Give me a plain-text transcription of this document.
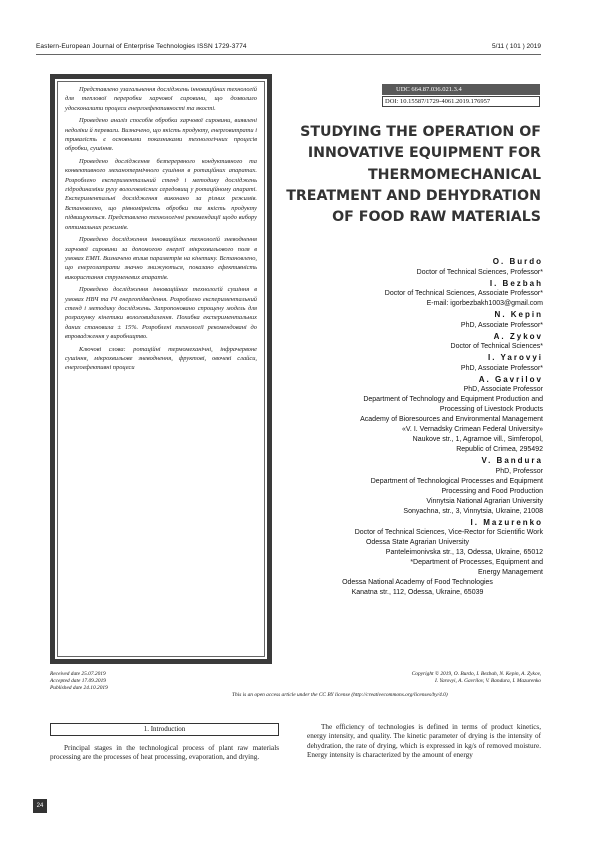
Eastern-European Journal of Enterprise Technologies ISSN 1729-3774	5/11 ( 101 ) 2019

Представлено узагальнення досліджень інноваційних технологій для теплової переробки харчової сировини, що дозволило удосконалити процеси енергоефективності та якості.

Проведено аналіз способів обробки харчової сировини, виявлені недоліки й переваги. Визначено, що якість продукту, енерговитрати і тривалість є основними показниками технологічних процесів обробки, сушіння.

Проведено дослідження безперервного кондуктивного та конвективного механотермічного сушіння в ротаційних апаратах. Розроблено експериментальний стенд і методику досліджень гідродинаміки руху вологовмісних середовищ у ротаційному апараті. Експериментальні дослідження виконано за різних режимів. Встановлено, що рівномірність обробки та якість продукту підвищуються. Представлено технологічні рекомендації щодо вибору оптимальних режимів.

Проведено дослідження інноваційних технологій зневоднення харчової сировини за допомогою енергії мікрохвильового поля в умовах ЕМП. Визначено вплив параметрів на кінетику. Встановлено, що енергозатрати значно знижуються, показано ефективність використання струменевих апаратів.

Проведено дослідження інноваційних технологій сушіння в умовах НВЧ та ІЧ енергопідведення. Розроблено експериментальний стенд і методику досліджень. Запропоновано спрощену модель для розрахунку кінетики вологовидалення. Похибка експериментальних даних становила ± 15%. Розроблені технології рекомендовані до впровадження у виробництво.

Ключові слова: ротаційні термомеханічні, інфрачервоне сушіння, мікрохвильове зневоднення, фруктові, овочеві слайси, енергоефективні процеси

UDC 664.87.036.021.3.4
DOI: 10.15587/1729-4061.2019.176957
STUDYING THE OPERATION OF INNOVATIVE EQUIPMENT FOR THERMOMECHANICAL TREATMENT AND DEHYDRATION OF FOOD RAW MATERIALS
O. Burdo
Doctor of Technical Sciences, Professor*
I. Bezbah
Doctor of Technical Sciences, Associate Professor*
E-mail: igorbezbakh1003@gmail.com
N. Kepin
PhD, Associate Professor*
A. Zykov
Doctor of Technical Sciences*
I. Yarovyi
PhD, Associate Professor*
A. Gavrilov
PhD, Associate Professor
Department of Technology and Equipment Production and
Processing of Livestock Products
Academy of Bioresources and Environmental Management
«V. I. Vernadsky Crimean Federal University»
Naukove str., 1, Agrarnoe vill., Simferopol,
Republic of Crimea, 295492
V. Bandura
PhD, Professor
Department of Technological Processes and Equipment
Processing and Food Production
Vinnytsia National Agrarian University
Sonyachna, str., 3, Vinnytsia, Ukraine, 21008
I. Mazurenko
Doctor of Technical Sciences, Vice-Rector for Scientific Work
Odessa State Agrarian University
Panteleimonivska str., 13, Odessa, Ukraine, 65012
*Department of Processes, Equipment and
Energy Management
Odessa National Academy of Food Technologies
Kanatna str., 112, Odessa, Ukraine, 65039
Received date 25.07.2019
Accepted date 17.09.2019
Published date 24.10.2019
Copyright © 2019, O. Burdo, I. Bezbah, N. Kepin, A. Zykov,
I. Yarovyi, A. Gavrilov, V. Bandura, I. Mazurenko
This is an open access article under the CC BY license (http://creativecommons.org/licenses/by/4.0)
1. Introduction
Principal stages in the technological process of plant raw materials processing are the processes of heat processing, evaporation, and drying.
The efficiency of technologies is defined in terms of product kinetics, energy intensity, and quality. The kinetic parameter of drying is the intensity of dehydration, the rate of drying, which is expressed in kg/s of removed moisture. Energy intensity is characterized by the amount of energy
24
